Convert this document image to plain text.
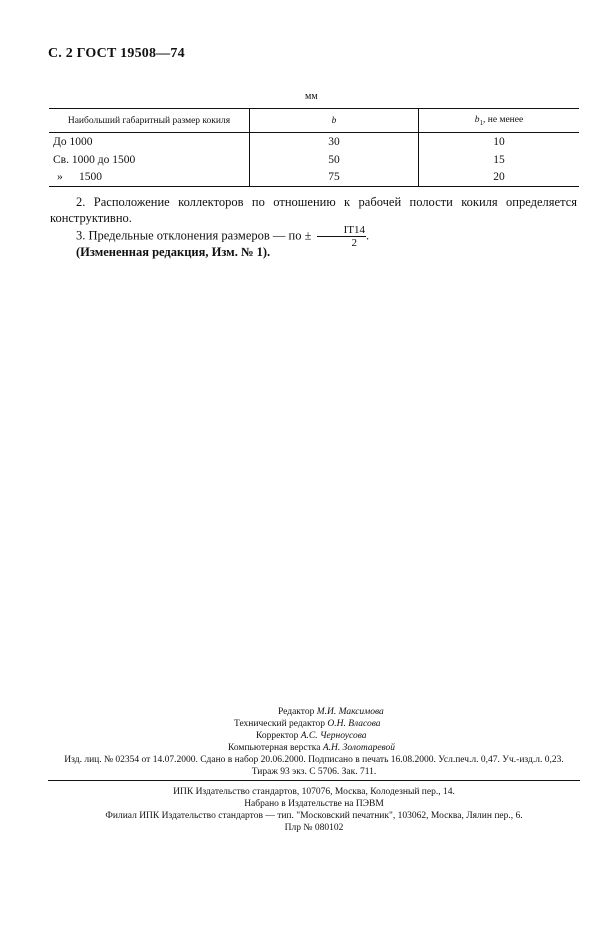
С. 2 ГОСТ 19508—74
мм
Наибольший габаритный размер кокиля	b	$b_1$, не менее
До 1000	30	10
Св. 1000 до 1500	50	15
» 1500	75	20

2. Расположение коллекторов по отношению к рабочей полости кокиля определяется конструктивно.

3. Предельные отклонения размеров — по ± $\frac{IT14}{2}$ .

(Измененная редакция, Изм. № 1).
Редактор М.И. Максимова
Технический редактор О.Н. Власова
Корректор А.С. Черноусова
Компьютерная верстка А.Н. Золотаревой
Изд. лиц. № 02354 от 14.07.2000. Сдано в набор 20.06.2000. Подписано в печать 16.08.2000. Усл.печ.л. 0,47. Уч.-изд.л. 0,23.
Тираж 93 экз. С 5706. Зак. 711.
ИПК Издательство стандартов, 107076, Москва, Колодезный пер., 14.
Набрано в Издательстве на ПЭВМ
Филиал ИПК Издательство стандартов — тип. "Московский печатник", 103062, Москва, Лялин пер., 6.
Плр № 080102
